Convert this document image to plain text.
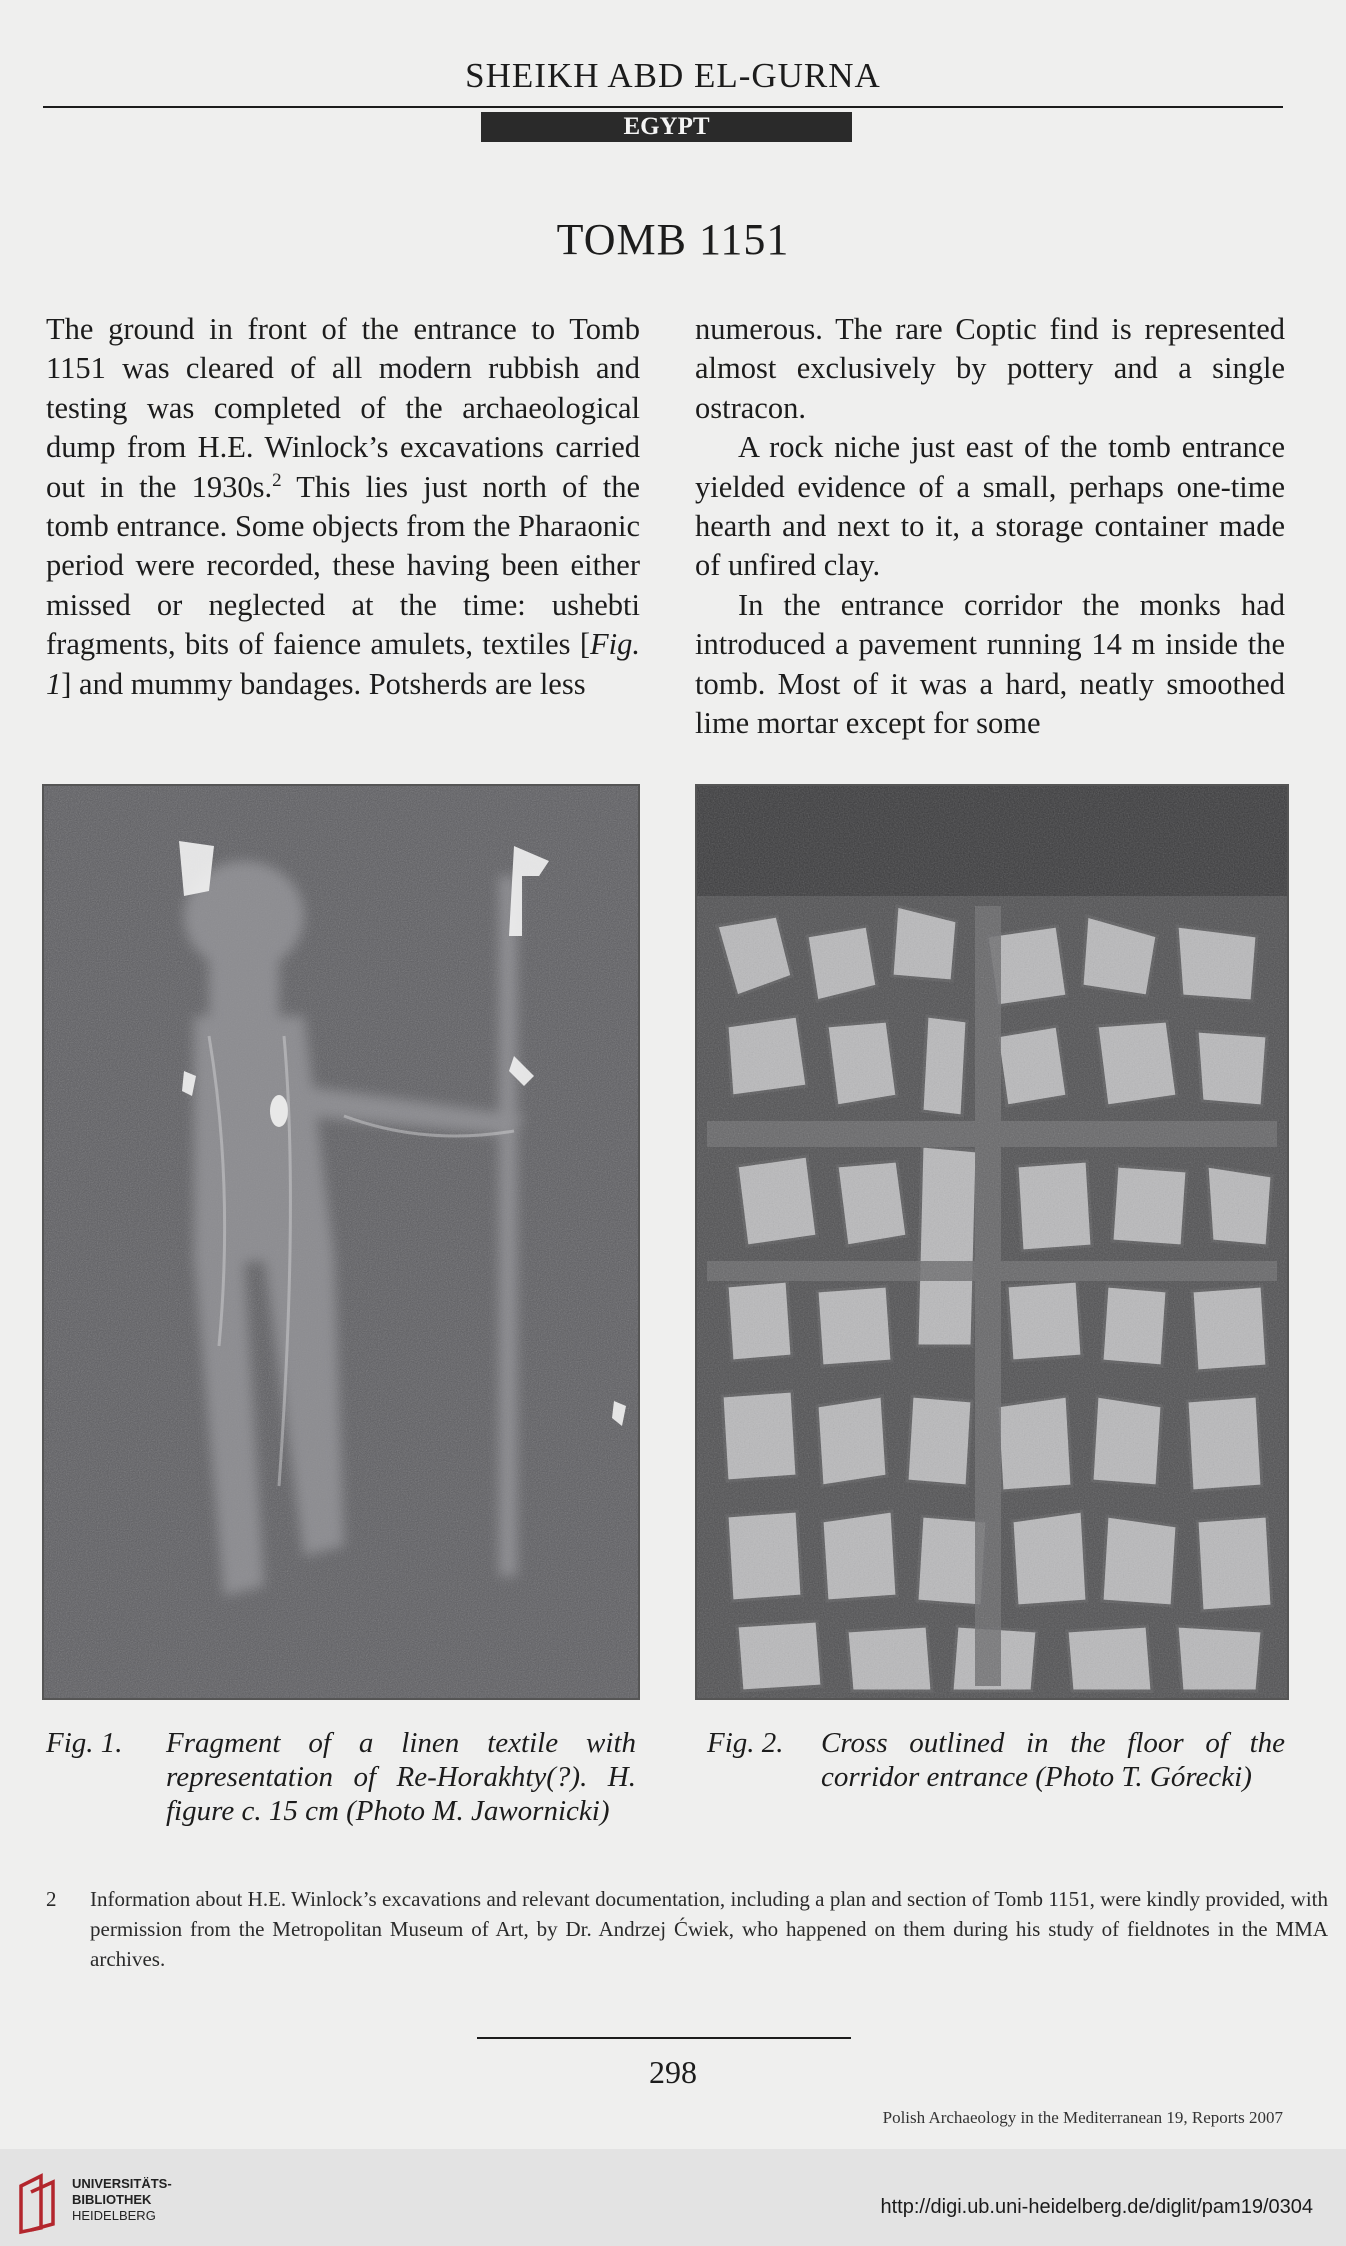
SHEIKH ABD EL-GURNA
EGYPT
TOMB 1151

The ground in front of the entrance to Tomb 1151 was cleared of all modern rubbish and testing was completed of the archaeological dump from H.E. Winlock’s excavations carried out in the 1930s.$^2$ This lies just north of the tomb entrance. Some objects from the Pharaonic period were recorded, these having been either missed or neglected at the time: ushebti fragments, bits of faience amulets, textiles [Fig. 1] and mummy bandages. Potsherds are less

numerous. The rare Coptic find is represented almost exclusively by pottery and a single ostracon.

A rock niche just east of the tomb entrance yielded evidence of a small, perhaps one-time hearth and next to it, a storage container made of unfired clay.

In the entrance corridor the monks had introduced a pavement running 14 m inside the tomb. Most of it was a hard, neatly smoothed lime mortar except for some

Fig. 1. Fragment of a linen textile with representation of Re-Horakhty(?). H. figure c. 15 cm (Photo M. Jawornicki)
Fig. 2. Cross outlined in the floor of the corridor entrance (Photo T. Górecki)
2 Information about H.E. Winlock’s excavations and relevant documentation, including a plan and section of Tomb 1151, were kindly provided, with permission from the Metropolitan Museum of Art, by Dr. Andrzej Ćwiek, who happened on them during his study of fieldnotes in the MMA archives.
298
Polish Archaeology in the Mediterranean 19, Reports 2007
UNIVERSITÄTS-
BIBLIOTHEK
HEIDELBERG	http://digi.ub.uni-heidelberg.de/diglit/pam19/0304
